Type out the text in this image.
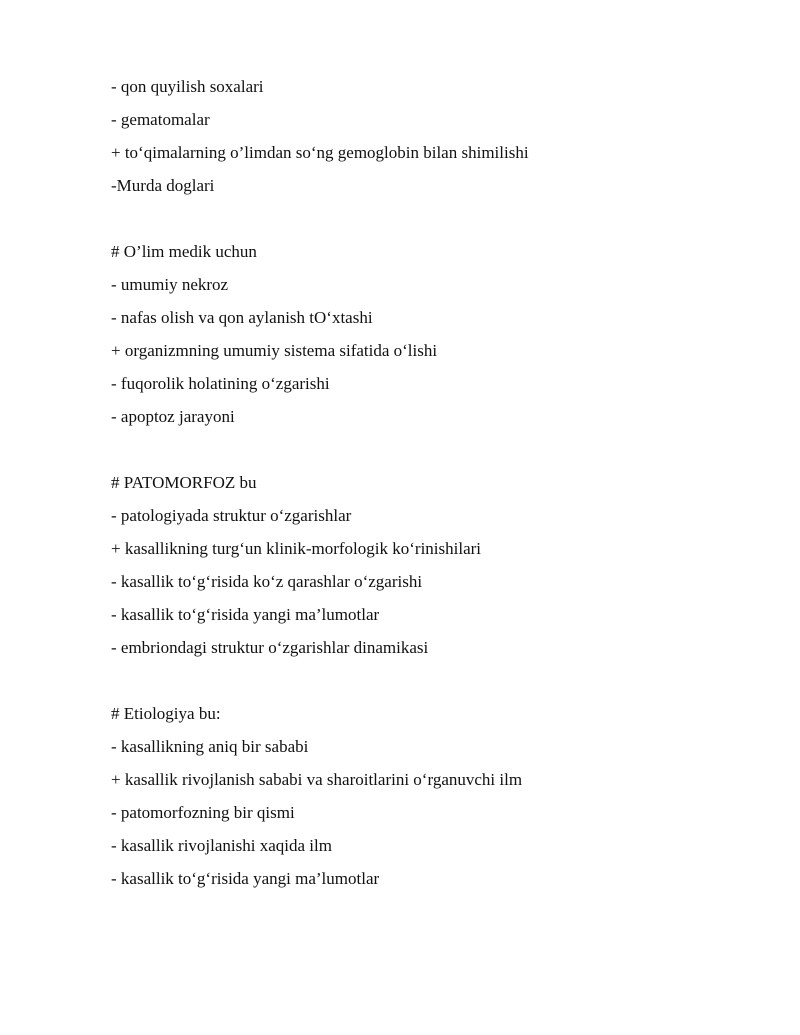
- qon quyilish soxalari
- gematomalar
+ to‘qimalarning o’limdan so‘ng gemoglobin bilan shimilishi
-Murda doglari
# O’lim medik uchun
- umumiy nekroz
- nafas olish va qon aylanish tO‘xtashi
+ organizmning umumiy sistema sifatida o‘lishi
- fuqorolik holatining o‘zgarishi
- apoptoz jarayoni
# PATOMORFOZ bu
- patologiyada struktur o‘zgarishlar
+ kasallikning turg‘un klinik-morfologik ko‘rinishilari
- kasallik to‘g‘risida ko‘z qarashlar o‘zgarishi
- kasallik to‘g‘risida yangi ma’lumotlar
- embriondagi struktur o‘zgarishlar dinamikasi
# Etiologiya bu:
- kasallikning aniq bir sababi
+ kasallik rivojlanish sababi va sharoitlarini o‘rganuvchi ilm
- patomorfozning bir qismi
- kasallik rivojlanishi xaqida ilm
- kasallik to‘g‘risida yangi ma’lumotlar
